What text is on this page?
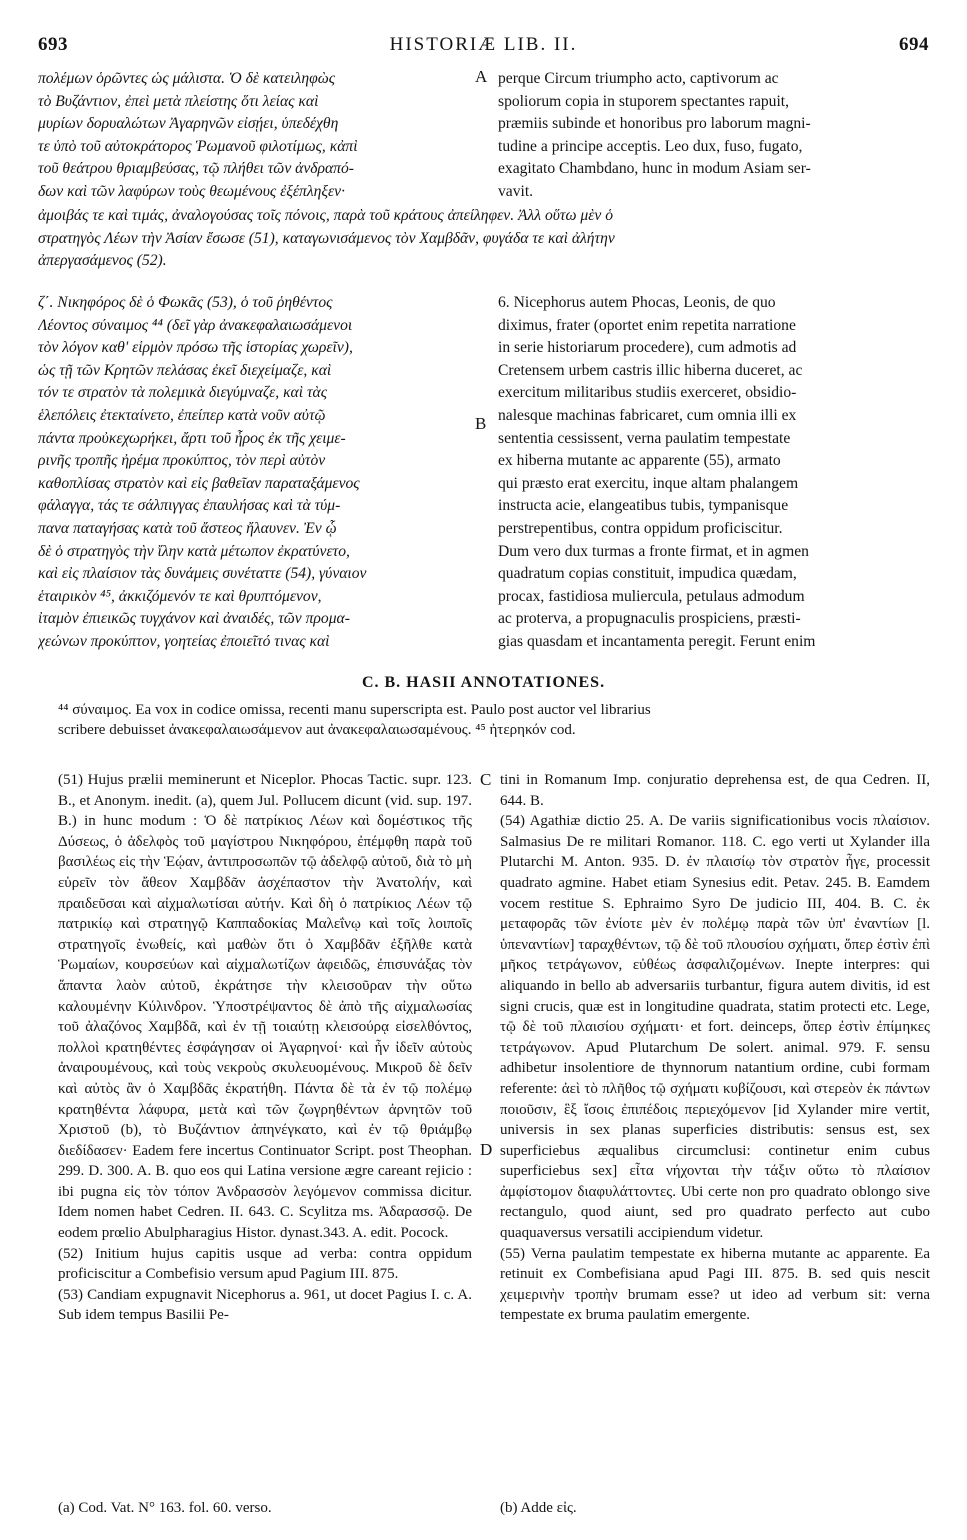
693	HISTORIÆ LIB. II.	694
πολέμων ὁρῶντες ὡς μάλιστα. Ὁ δὲ κατειληφὼς
τὸ Βυζάντιον, ἐπεὶ μετὰ πλείστης ὅτι λείας καὶ
μυρίων δορυαλώτων Ἀγαρηνῶν εἰσῄει, ὑπεδέχθη
τε ὑπὸ τοῦ αὐτοκράτορος Ῥωμανοῦ φιλοτίμως, κἀπὶ
τοῦ θεάτρου θριαμβεύσας, τῷ πλήθει τῶν ἀνδραπό-
δων καὶ τῶν λαφύρων τοὺς θεωμένους ἐξέπληξεν·
A perque Circum triumpho acto, captivorum ac
spoliorum copia in stuporem spectantes rapuit,
præmiis subinde et honoribus pro laborum magni-
tudine a principe acceptis. Leo dux, fuso, fugato,
exagitato Chambdano, hunc in modum Asiam ser-
vavit.
ἀμοιβάς τε καὶ τιμάς, ἀναλογούσας τοῖς πόνοις, παρὰ τοῦ κράτους ἀπείληφεν. Ἀλλ οὕτω μὲν ὁ
στρατηγὸς Λέων τὴν Ἀσίαν ἔσωσε (51), καταγωνισάμενος τὸν Χαμβδᾶν, φυγάδα τε καὶ ἀλήτην
ἀπεργασάμενος (52).
ζ΄. Νικηφόρος δὲ ὁ Φωκᾶς (53), ὁ τοῦ ῥηθέντος
Λέοντος σύναιμος ⁴⁴ (δεῖ γὰρ ἀνακεφαλαιωσάμενοι
τὸν λόγον καθ' εἱρμὸν πρόσω τῆς ἱστορίας χωρεῖν),
ὡς τῇ τῶν Κρητῶν πελάσας ἐκεῖ διεχείμαζε, καὶ
τόν τε στρατὸν τὰ πολεμικὰ διεγύμναζε, καὶ τὰς
ἑλεπόλεις ἐτεκταίνετο, ἐπείπερ κατὰ νοῦν αὐτῷ
πάντα προὐκεχωρήκει, ἄρτι τοῦ ἦρος ἐκ τῆς χειμε-
ρινῆς τροπῆς ἠρέμα προκύπτος, τὸν περὶ αὐτὸν
καθοπλίσας στρατὸν καὶ εἰς βαθεῖαν παραταξάμενος
φάλαγγα, τάς τε σάλπιγγας ἐπαυλήσας καὶ τὰ τύμ-
πανα παταγήσας κατὰ τοῦ ἄστεος ἤλαυνεν. Ἐν ᾧ
δὲ ὁ στρατηγὸς τὴν ἴλην κατὰ μέτωπον ἐκρατύνετο,
καὶ εἰς πλαίσιον τὰς δυνάμεις συνέταττε (54), γύναιον
ἑταιρικὸν ⁴⁵, ἀκκιζόμενόν τε καὶ θρυπτόμενον,
ἰταμὸν ἐπιεικῶς τυγχάνον καὶ ἀναιδές, τῶν προμα-
χεώνων προκύπτον, γοητείας ἐποιεῖτό τινας καὶ
B
6. Nicephorus autem Phocas, Leonis, de quo
diximus, frater (oportet enim repetita narratione
in serie historiarum procedere), cum admotis ad
Cretensem urbem castris illic hiberna duceret, ac
exercitum militaribus studiis exerceret, obsidio-
nalesque machinas fabricaret, cum omnia illi ex
sententia cessissent, verna paulatim tempestate
ex hiberna mutante ac apparente (55), armato
qui præsto erat exercitu, inque altam phalangem
instructa acie, elangeatibus tubis, tympanisque
perstrepentibus, contra oppidum proficiscitur.
Dum vero dux turmas a fronte firmat, et in agmen
quadratum copias constituit, impudica quædam,
procax, fastidiosa muliercula, petulaus admodum
ac proterva, a propugnaculis prospiciens, præsti-
gias quasdam et incantamenta peregit. Ferunt enim
C. B. HASII ANNOTATIONES.
⁴⁴ σύναιμος. Ea vox in codice omissa, recenti manu superscripta est. Paulo post auctor vel librarius
scribere debuisset ἀνακεφαλαιωσάμενον aut ἀνακεφαλαιωσαμένους. ⁴⁵ ἠτερηκόν cod.

(51) Hujus prælii meminerunt et Niceplor. Phocas Tactic. supr. 123. B., et Anonym. inedit. (a), quem Jul. Pollucem dicunt (vid. sup. 197. B.) in hunc modum : Ὁ δὲ πατρίκιος Λέων καὶ δομέστικος τῆς Δύσεως, ὁ ἀδελφὸς τοῦ μαγίστρου Νικηφόρου, ἐπέμφθη παρὰ τοῦ βασιλέως εἰς τὴν Ἑῴαν, ἀντιπροσωπῶν τῷ ἀδελφῷ αὐτοῦ, διὰ τὸ μὴ εὑρεῖν τὸν ἄθεον Χαμβδᾶν ἀσχέπαστον τὴν Ἀνατολήν, καὶ πραιδεῦσαι καὶ αἰχμαλωτίσαι αὐτήν. Καὶ δὴ ὁ πατρίκιος Λέων τῷ πατρικίῳ καὶ στρατηγῷ Καππαδοκίας Μαλεΐνῳ καὶ τοῖς λοιποῖς στρατηγοῖς ἑνωθείς, καὶ μαθὼν ὅτι ὁ Χαμβδᾶν ἐξῆλθε κατὰ Ῥωμαίων, κουρσεύων καὶ αἰχμαλωτίζων ἀφειδῶς, ἐπισυνάξας τὸν ἅπαντα λαὸν αὐτοῦ, ἐκράτησε τὴν κλεισοῦραν τὴν οὕτω καλουμένην Κύλινδρον. Ὑποστρέψαντος δὲ ἀπὸ τῆς αἰχμαλωσίας τοῦ ἀλαζόνος Χαμβδᾶ, καὶ ἐν τῇ τοιαύτῃ κλεισούρᾳ εἰσελθόντος, πολλοὶ κρατηθέντες ἐσφάγησαν οἱ Ἀγαρηνοί· καὶ ἦν ἰδεῖν αὐτοὺς ἀναιρουμένους, καὶ τοὺς νεκροὺς σκυλευομένους. Μικροῦ δὲ δεῖν καὶ αὐτὸς ἂν ὁ Χαμβδᾶς ἐκρατήθη. Πάντα δὲ τὰ ἐν τῷ πολέμῳ κρατηθέντα λάφυρα, μετὰ καὶ τῶν ζωγρηθέντων ἀρνητῶν τοῦ Χριστοῦ (b), τὸ Βυζάντιον ἀπηνέγκατο, καὶ ἐν τῷ θριάμβῳ διεδίδασεν· Eadem fere incertus Continuator Script. post Theophan. 299. D. 300. A. B. quo eos qui Latina versione ægre careant rejicio : ibi pugna εἰς τὸν τόπον Ἀνδρασσὸν λεγόμενον commissa dicitur. Idem nomen habet Cedren. II. 643. C. Scylitza ms. Ἀδαρασσῷ. De eodem prœlio Abulpharagius Histor. dynast.343. A. edit. Pocock.

(52) Initium hujus capitis usque ad verba: contra oppidum proficiscitur a Combefisio versum apud Pagium III. 875.

(53) Candiam expugnavit Nicephorus a. 961, ut docet Pagius I. c. A. Sub idem tempus Basilii Pe-

C
D

tini in Romanum Imp. conjuratio deprehensa est, de qua Cedren. II, 644. B.

(54) Agathiæ dictio 25. A. De variis significationibus vocis πλαίσιον. Salmasius De re militari Romanor. 118. C. ego verti ut Xylander illa Plutarchi M. Anton. 935. D. ἐν πλαισίῳ τὸν στρατὸν ἦγε, processit quadrato agmine. Habet etiam Synesius edit. Petav. 245. B. Eamdem vocem restitue S. Ephraimo Syro De judicio III, 404. B. C. ἐκ μεταφορᾶς τῶν ἐνίοτε μὲν ἐν πολέμῳ παρὰ τῶν ὑπ' ἐναντίων [l. ὑπεναντίων] ταραχθέντων, τῷ δὲ τοῦ πλουσίου σχήματι, ὅπερ ἐστὶν ἐπὶ μῆκος τετράγωνον, εὐθέως ἀσφαλιζομένων. Inepte interpres: qui aliquando in bello ab adversariis turbantur, figura autem divitis, id est signi crucis, quæ est in longitudine quadrata, statim protecti etc. Lege, τῷ δὲ τοῦ πλαισίου σχήματι· et fort. deinceps, ὅπερ ἐστὶν ἐπίμηκες τετράγωνον. Apud Plutarchum De solert. animal. 979. F. sensu adhibetur insolentiore de thynnorum natantium ordine, cubi formam referente: ἀεὶ τὸ πλῆθος τῷ σχήματι κυβίζουσι, καὶ στερεὸν ἐκ πάντων ποιοῦσιν, ἓξ ἴσοις ἐπιπέδοις περιεχόμενον [id Xylander mire vertit, universis in sex planas superficies distributis: sensus est, sex superficiebus æqualibus circumclusi: continetur enim cubus superficiebus sex] εἶτα νήχονται τὴν τάξιν οὕτω τὸ πλαίσιον ἀμφίστομον διαφυλάττοντες. Ubi certe non pro quadrato oblongo sive rectangulo, quod aiunt, sed pro quadrato perfecto aut cubo quaquaversus versatili accipiendum videtur.

(55) Verna paulatim tempestate ex hiberna mutante ac apparente. Ea retinuit ex Combefisiana apud Pagi III. 875. B. sed quis nescit χειμερινὴν τροπὴν brumam esse? ut ideo ad verbum sit: verna tempestate ex bruma paulatim emergente.

(a) Cod. Vat. N° 163. fol. 60. verso.	(b) Adde εἰς.
